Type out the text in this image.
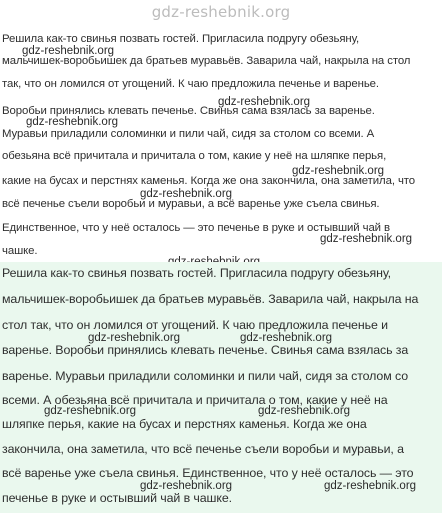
gdz-reshebnik.org
Решила как-то свинья позвать гостей. Пригласила подругу обезьяну,
мальчишек-воробьишек да братьев муравьёв. Заварила чай, накрыла на стол
так, что он ломился от угощений. К чаю предложила печенье и варенье.
Воробьи принялись клевать печенье. Свинья сама взялась за варенье.
Муравьи приладили соломинки и пили чай, сидя за столом со всеми. А
обезьяна всё причитала и причитала о том, какие у неё на шляпке перья,
какие на бусах и перстнях каменья. Когда же она закончила, она заметила, что
всё печенье съели воробьи и муравьи, а всё варенье уже съела свинья.
Единственное, что у неё осталось — это печенье в руке и остывший чай в
чашке.
gdz-reshebnik.org
gdz-reshebnik.org
gdz-reshebnik.org
gdz-reshebnik.org
gdz-reshebnik.org
gdz-reshebnik.org
Решила как-то свинья позвать гостей. Пригласила подругу обезьяну,
мальчишек-воробьишек да братьев муравьёв. Заварила чай, накрыла на
стол так, что он ломился от угощений. К чаю предложила печенье и
варенье. Воробьи принялись клевать печенье. Свинья сама взялась за
варенье. Муравьи приладили соломинки и пили чай, сидя за столом со
всеми. А обезьяна всё причитала и причитала о том, какие у неё на
шляпке перья, какие на бусах и перстнях каменья. Когда же она
закончила, она заметила, что всё печенье съели воробьи и муравьи, а
всё варенье уже съела свинья. Единственное, что у неё осталось — это
печенье в руке и остывший чай в чашке.
gdz-reshebnik.org	gdz-reshebnik.org
gdz-reshebnik.org	gdz-reshebnik.org
gdz-reshebnik.org	gdz-reshebnik.org
